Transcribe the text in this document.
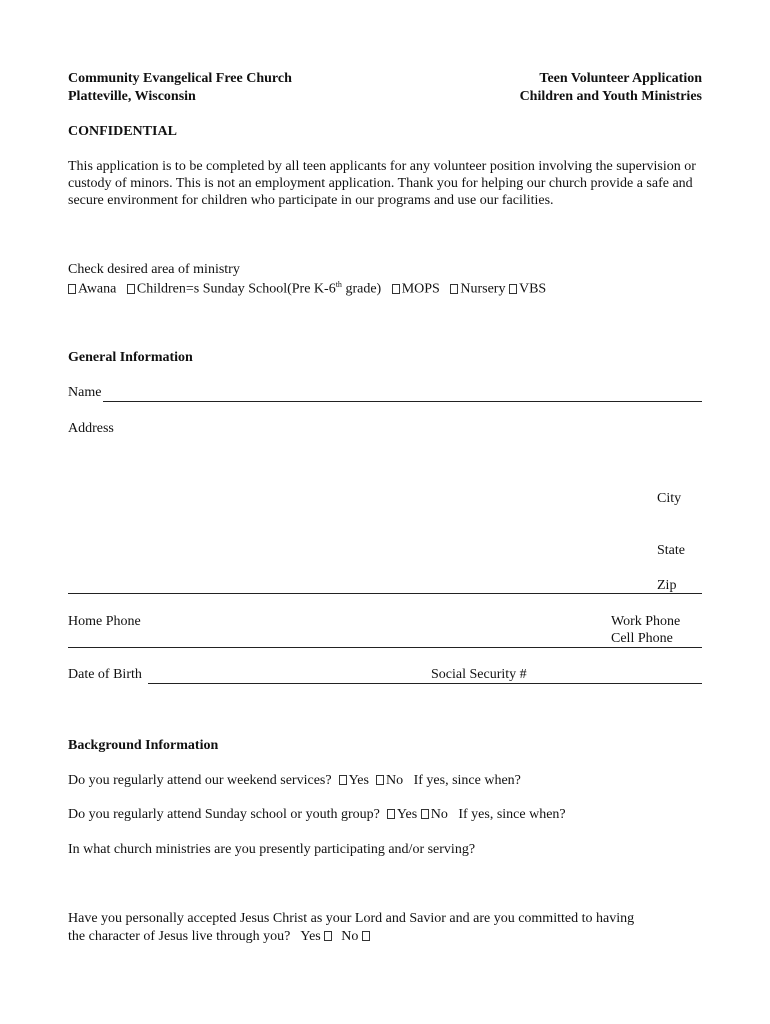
Community Evangelical Free Church
Platteville, Wisconsin
Teen Volunteer Application
Children and Youth Ministries
CONFIDENTIAL

This application is to be completed by all teen applicants for any volunteer position involving the supervision or custody of minors. This is not an employment application. Thank you for helping our church provide a safe and secure environment for children who participate in our programs and use our facilities.

Check desired area of ministry
Awana Children=s Sunday School(Pre K-6th grade) MOPS Nursery VBS
General Information
Name
Address
City
State
Zip
Home Phone	Work Phone
Cell Phone
Date of Birth	Social Security #
Background Information
Do you regularly attend our weekend services? Yes No If yes, since when?
Do you regularly attend Sunday school or youth group? Yes No If yes, since when?
In what church ministries are you presently participating and/or serving?
Have you personally accepted Jesus Christ as your Lord and Savior and are you committed to having
the character of Jesus live through you? Yes No
